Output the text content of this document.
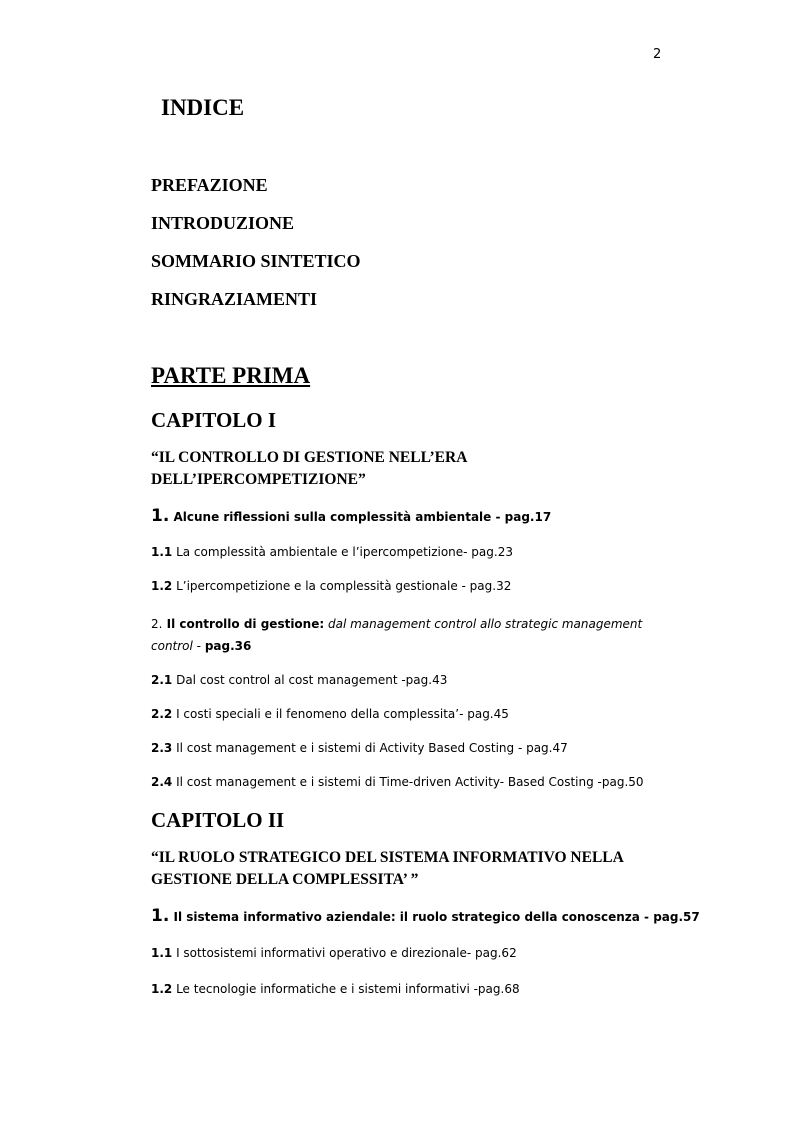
2
INDICE
PREFAZIONE
INTRODUZIONE
SOMMARIO SINTETICO
RINGRAZIAMENTI
PARTE PRIMA
CAPITOLO I
“IL CONTROLLO DI GESTIONE NELL’ERA
DELL’IPERCOMPETIZIONE”
1. Alcune riflessioni sulla complessità ambientale - pag.17
1.1 La complessità ambientale e l’ipercompetizione- pag.23
1.2 L’ipercompetizione e la complessità gestionale - pag.32
2. Il controllo di gestione: dal management control allo strategic management control - pag.36
2.1 Dal cost control al cost management -pag.43
2.2 I costi speciali e il fenomeno della complessita’- pag.45
2.3 Il cost management e i sistemi di Activity Based Costing - pag.47
2.4 Il cost management e i sistemi di Time-driven Activity- Based Costing -pag.50
CAPITOLO II
“IL RUOLO STRATEGICO DEL SISTEMA INFORMATIVO NELLA
GESTIONE DELLA COMPLESSITA’ ”
1. Il sistema informativo aziendale: il ruolo strategico della conoscenza - pag.57
1.1 I sottosistemi informativi operativo e direzionale- pag.62
1.2 Le tecnologie informatiche e i sistemi informativi -pag.68
